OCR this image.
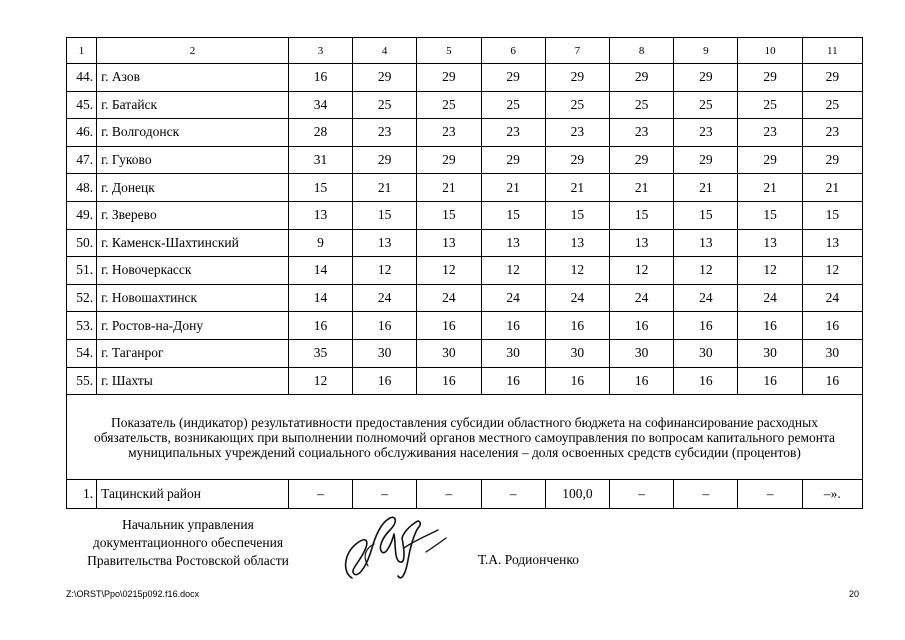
1	2	3	4	5	6	7	8	9	10	11
44.	г. Азов	16	29	29	29	29	29	29	29	29
45.	г. Батайск	34	25	25	25	25	25	25	25	25
46.	г. Волгодонск	28	23	23	23	23	23	23	23	23
47.	г. Гуково	31	29	29	29	29	29	29	29	29
48.	г. Донецк	15	21	21	21	21	21	21	21	21
49.	г. Зверево	13	15	15	15	15	15	15	15	15
50.	г. Каменск-Шахтинский	9	13	13	13	13	13	13	13	13
51.	г. Новочеркасск	14	12	12	12	12	12	12	12	12
52.	г. Новошахтинск	14	24	24	24	24	24	24	24	24
53.	г. Ростов-на-Дону	16	16	16	16	16	16	16	16	16
54.	г. Таганрог	35	30	30	30	30	30	30	30	30
55.	г. Шахты	12	16	16	16	16	16	16	16	16
Показатель (индикатор) результативности предоставления субсидии областного бюджета на софинансирование расходных обязательств, возникающих при выполнении полномочий органов местного самоуправления по вопросам капитального ремонта муниципальных учреждений социального обслуживания населения – доля освоенных средств субсидии (процентов)										
1.	Тацинский район	–	–	–	–	100,0	–	–	–	–».
Начальник управления
документационного обеспечения
Правительства Ростовской области	Т.А. Родионченко
Z:\ORST\Ppo\0215p092.f16.docx	20
